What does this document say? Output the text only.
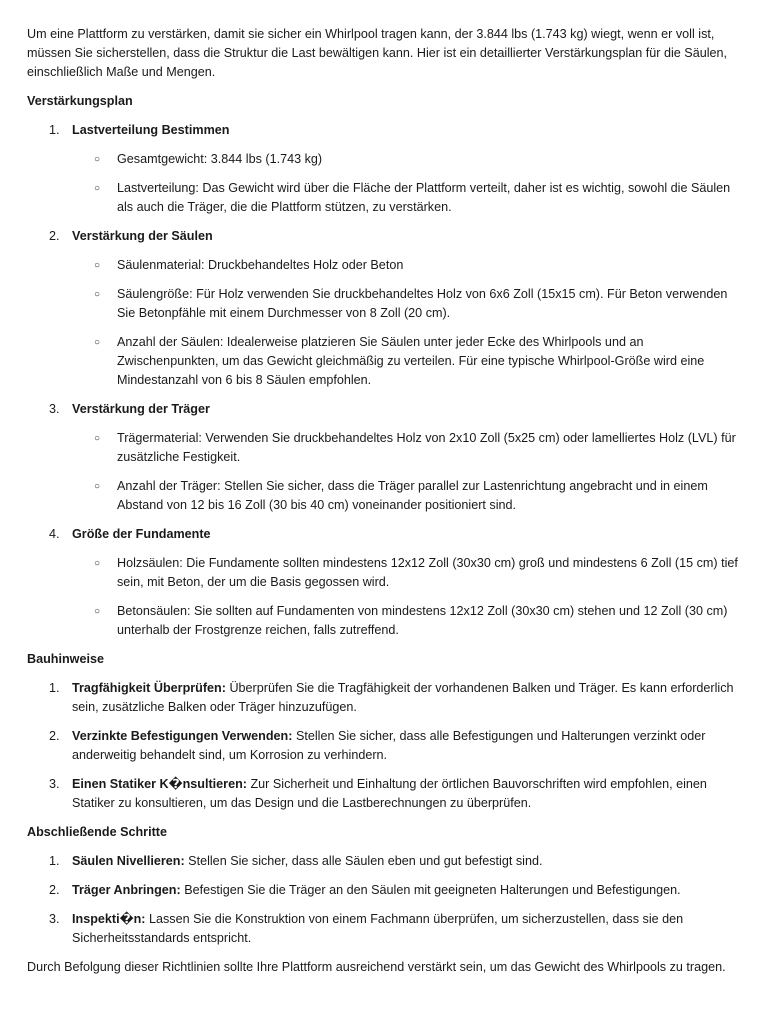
Um eine Plattform zu verstärken, damit sie sicher ein Whirlpool tragen kann, der 3.844 lbs (1.743 kg) wiegt, wenn er voll ist, müssen Sie sicherstellen, dass die Struktur die Last bewältigen kann. Hier ist ein detaillierter Verstärkungsplan für die Säulen, einschließlich Maße und Mengen.

Verstärkungsplan

1. Lastverteilung Bestimmen
○ Gesamtgewicht: 3.844 lbs (1.743 kg)
○ Lastverteilung: Das Gewicht wird über die Fläche der Plattform verteilt, daher ist es wichtig, sowohl die Säulen als auch die Träger, die die Plattform stützen, zu verstärken.
2. Verstärkung der Säulen
○ Säulenmaterial: Druckbehandeltes Holz oder Beton
○ Säulengröße: Für Holz verwenden Sie druckbehandeltes Holz von 6x6 Zoll (15x15 cm). Für Beton verwenden Sie Betonpfähle mit einem Durchmesser von 8 Zoll (20 cm).
○ Anzahl der Säulen: Idealerweise platzieren Sie Säulen unter jeder Ecke des Whirlpools und an Zwischenpunkten, um das Gewicht gleichmäßig zu verteilen. Für eine typische Whirlpool-Größe wird eine Mindestanzahl von 6 bis 8 Säulen empfohlen.
3. Verstärkung der Träger
○ Trägermaterial: Verwenden Sie druckbehandeltes Holz von 2x10 Zoll (5x25 cm) oder lamelliertes Holz (LVL) für zusätzliche Festigkeit.
○ Anzahl der Träger: Stellen Sie sicher, dass die Träger parallel zur Lastenrichtung angebracht und in einem Abstand von 12 bis 16 Zoll (30 bis 40 cm) voneinander positioniert sind.
4. Größe der Fundamente
○ Holzsäulen: Die Fundamente sollten mindestens 12x12 Zoll (30x30 cm) groß und mindestens 6 Zoll (15 cm) tief sein, mit Beton, der um die Basis gegossen wird.
○ Betonsäulen: Sie sollten auf Fundamenten von mindestens 12x12 Zoll (30x30 cm) stehen und 12 Zoll (30 cm) unterhalb der Frostgrenze reichen, falls zutreffend.

Bauhinweise

1. Tragfähigkeit Überprüfen: Überprüfen Sie die Tragfähigkeit der vorhandenen Balken und Träger. Es kann erforderlich sein, zusätzliche Balken oder Träger hinzuzufügen.
2. Verzinkte Befestigungen Verwenden: Stellen Sie sicher, dass alle Befestigungen und Halterungen verzinkt oder anderweitig behandelt sind, um Korrosion zu verhindern.
3. Einen Statiker K�nsultieren: Zur Sicherheit und Einhaltung der örtlichen Bauvorschriften wird empfohlen, einen Statiker zu konsultieren, um das Design und die Lastberechnungen zu überprüfen.

Abschließende Schritte

1. Säulen Nivellieren: Stellen Sie sicher, dass alle Säulen eben und gut befestigt sind.
2. Träger Anbringen: Befestigen Sie die Träger an den Säulen mit geeigneten Halterungen und Befestigungen.
3. Inspekti�n: Lassen Sie die Konstruktion von einem Fachmann überprüfen, um sicherzustellen, dass sie den Sicherheitsstandards entspricht.

Durch Befolgung dieser Richtlinien sollte Ihre Plattform ausreichend verstärkt sein, um das Gewicht des Whirlpools zu tragen.
